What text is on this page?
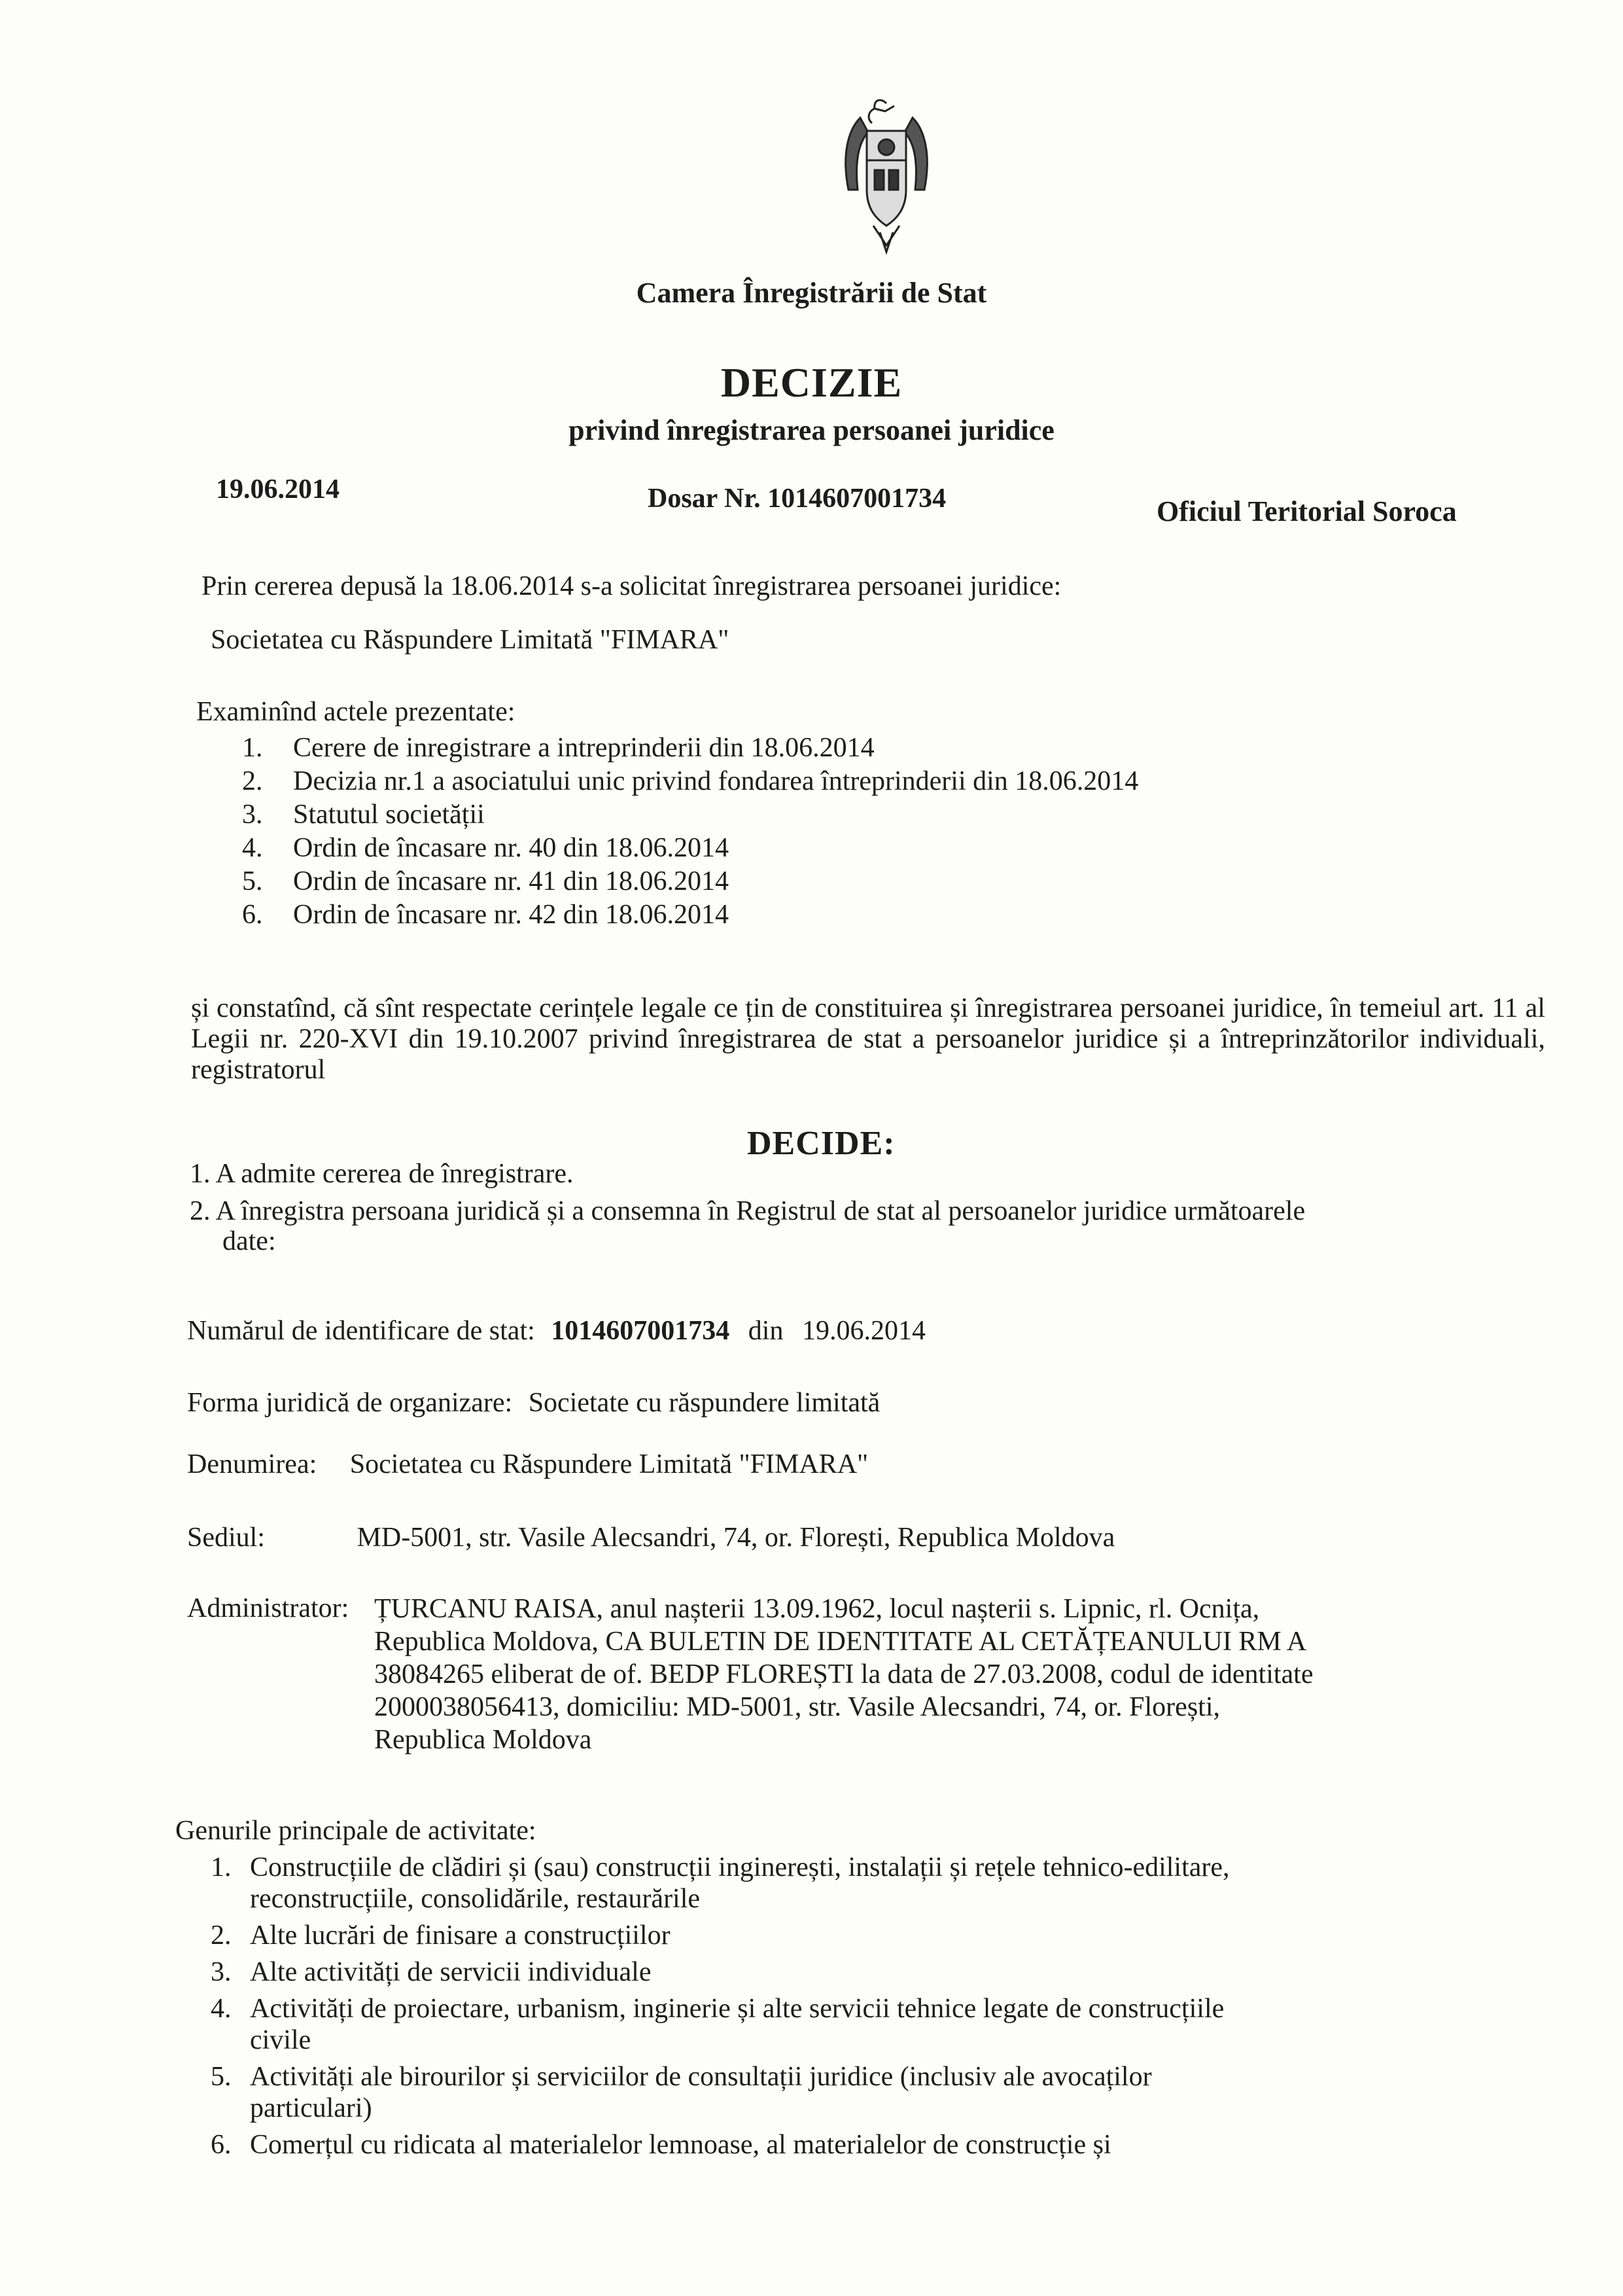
Camera Înregistrării de Stat
DECIZIE
privind înregistrarea persoanei juridice
19.06.2014	Dosar Nr. 1014607001734	Oficiul Teritorial Soroca
Prin cererea depusă la 18.06.2014 s-a solicitat înregistrarea persoanei juridice:
Societatea cu Răspundere Limitată "FIMARA"
Examinînd actele prezentate:
1. Cerere de inregistrare a intreprinderii din 18.06.2014
2. Decizia nr.1 a asociatului unic privind fondarea întreprinderii din 18.06.2014
3. Statutul societății
4. Ordin de încasare nr. 40 din 18.06.2014
5. Ordin de încasare nr. 41 din 18.06.2014
6. Ordin de încasare nr. 42 din 18.06.2014
și constatînd, că sînt respectate cerințele legale ce țin de constituirea și înregistrarea persoanei juridice, în temeiul art. 11 al Legii nr. 220-XVI din 19.10.2007 privind înregistrarea de stat a persoanelor juridice și a întreprinzătorilor individuali, registratorul
DECIDE:
1. A admite cererea de înregistrare.
2. A înregistra persoana juridică și a consemna în Registrul de stat al persoanelor juridice următoarele
date:
Numărul de identificare de stat: 1014607001734 din 19.06.2014
Forma juridică de organizare: Societate cu răspundere limitată
Denumirea: Societatea cu Răspundere Limitată "FIMARA"
Sediul:	MD-5001, str. Vasile Alecsandri, 74, or. Florești, Republica Moldova
Administrator: ȚURCANU RAISA, anul nașterii 13.09.1962, locul nașterii s. Lipnic, rl. Ocnița,
Republica Moldova, CA BULETIN DE IDENTITATE AL CETĂȚEANULUI RM A
38084265 eliberat de of. BEDP FLOREȘTI la data de 27.03.2008, codul de identitate
2000038056413, domiciliu: MD-5001, str. Vasile Alecsandri, 74, or. Florești,
Republica Moldova
Genurile principale de activitate:
1. Construcțiile de clădiri și (sau) construcții inginerești, instalații și rețele tehnico-edilitare,
reconstrucțiile, consolidările, restaurările
2. Alte lucrări de finisare a construcțiilor
3. Alte activități de servicii individuale
4. Activități de proiectare, urbanism, inginerie și alte servicii tehnice legate de construcțiile
civile
5. Activități ale birourilor și serviciilor de consultații juridice (inclusiv ale avocaților
particulari)
6. Comerțul cu ridicata al materialelor lemnoase, al materialelor de construcție și
